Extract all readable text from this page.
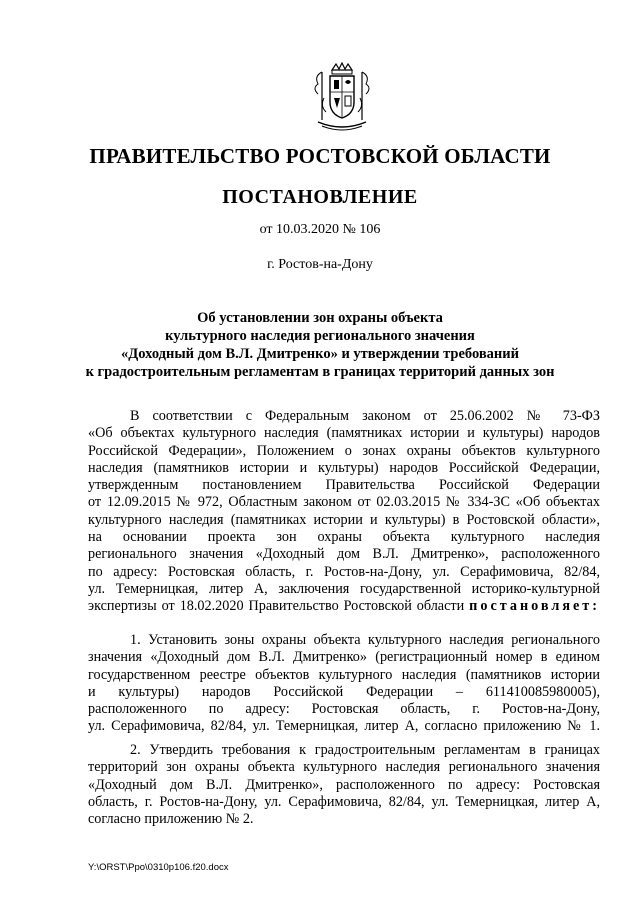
ПРАВИТЕЛЬСТВО РОСТОВСКОЙ ОБЛАСТИ
ПОСТАНОВЛЕНИЕ
от 10.03.2020 № 106
г. Ростов-на-Дону
Об установлении зон охраны объекта
культурного наследия регионального значения
«Доходный дом В.Л. Дмитренко» и утверждении требований
к градостроительным регламентам в границах территорий данных зон
В соответствии с Федеральным законом от 25.06.2002 № 73-ФЗ
«Об объектах культурного наследия (памятниках истории и культуры) народов
Российской Федерации», Положением о зонах охраны объектов культурного
наследия (памятников истории и культуры) народов Российской Федерации,
утвержденным постановлением Правительства Российской Федерации
от 12.09.2015 № 972, Областным законом от 02.03.2015 № 334-ЗС «Об объектах
культурного наследия (памятниках истории и культуры) в Ростовской области»,
на основании проекта зон охраны объекта культурного наследия
регионального значения «Доходный дом В.Л. Дмитренко», расположенного
по адресу: Ростовская область, г. Ростов-на-Дону, ул. Серафимовича, 82/84,
ул. Темерницкая, литер А, заключения государственной историко-культурной
экспертизы от 18.02.2020 Правительство Ростовской области постановляет:
1. Установить зоны охраны объекта культурного наследия регионального
значения «Доходный дом В.Л. Дмитренко» (регистрационный номер в едином
государственном реестре объектов культурного наследия (памятников истории
и культуры) народов Российской Федерации – 611410085980005),
расположенного по адресу: Ростовская область, г. Ростов-на-Дону,
ул. Серафимовича, 82/84, ул. Темерницкая, литер А, согласно приложению № 1.
2. Утвердить требования к градостроительным регламентам в границах
территорий зон охраны объекта культурного наследия регионального значения
«Доходный дом В.Л. Дмитренко», расположенного по адресу: Ростовская
область, г. Ростов-на-Дону, ул. Серафимовича, 82/84, ул. Темерницкая, литер А,
согласно приложению № 2.
Y:\ORST\Ppo\0310p106.f20.docx
